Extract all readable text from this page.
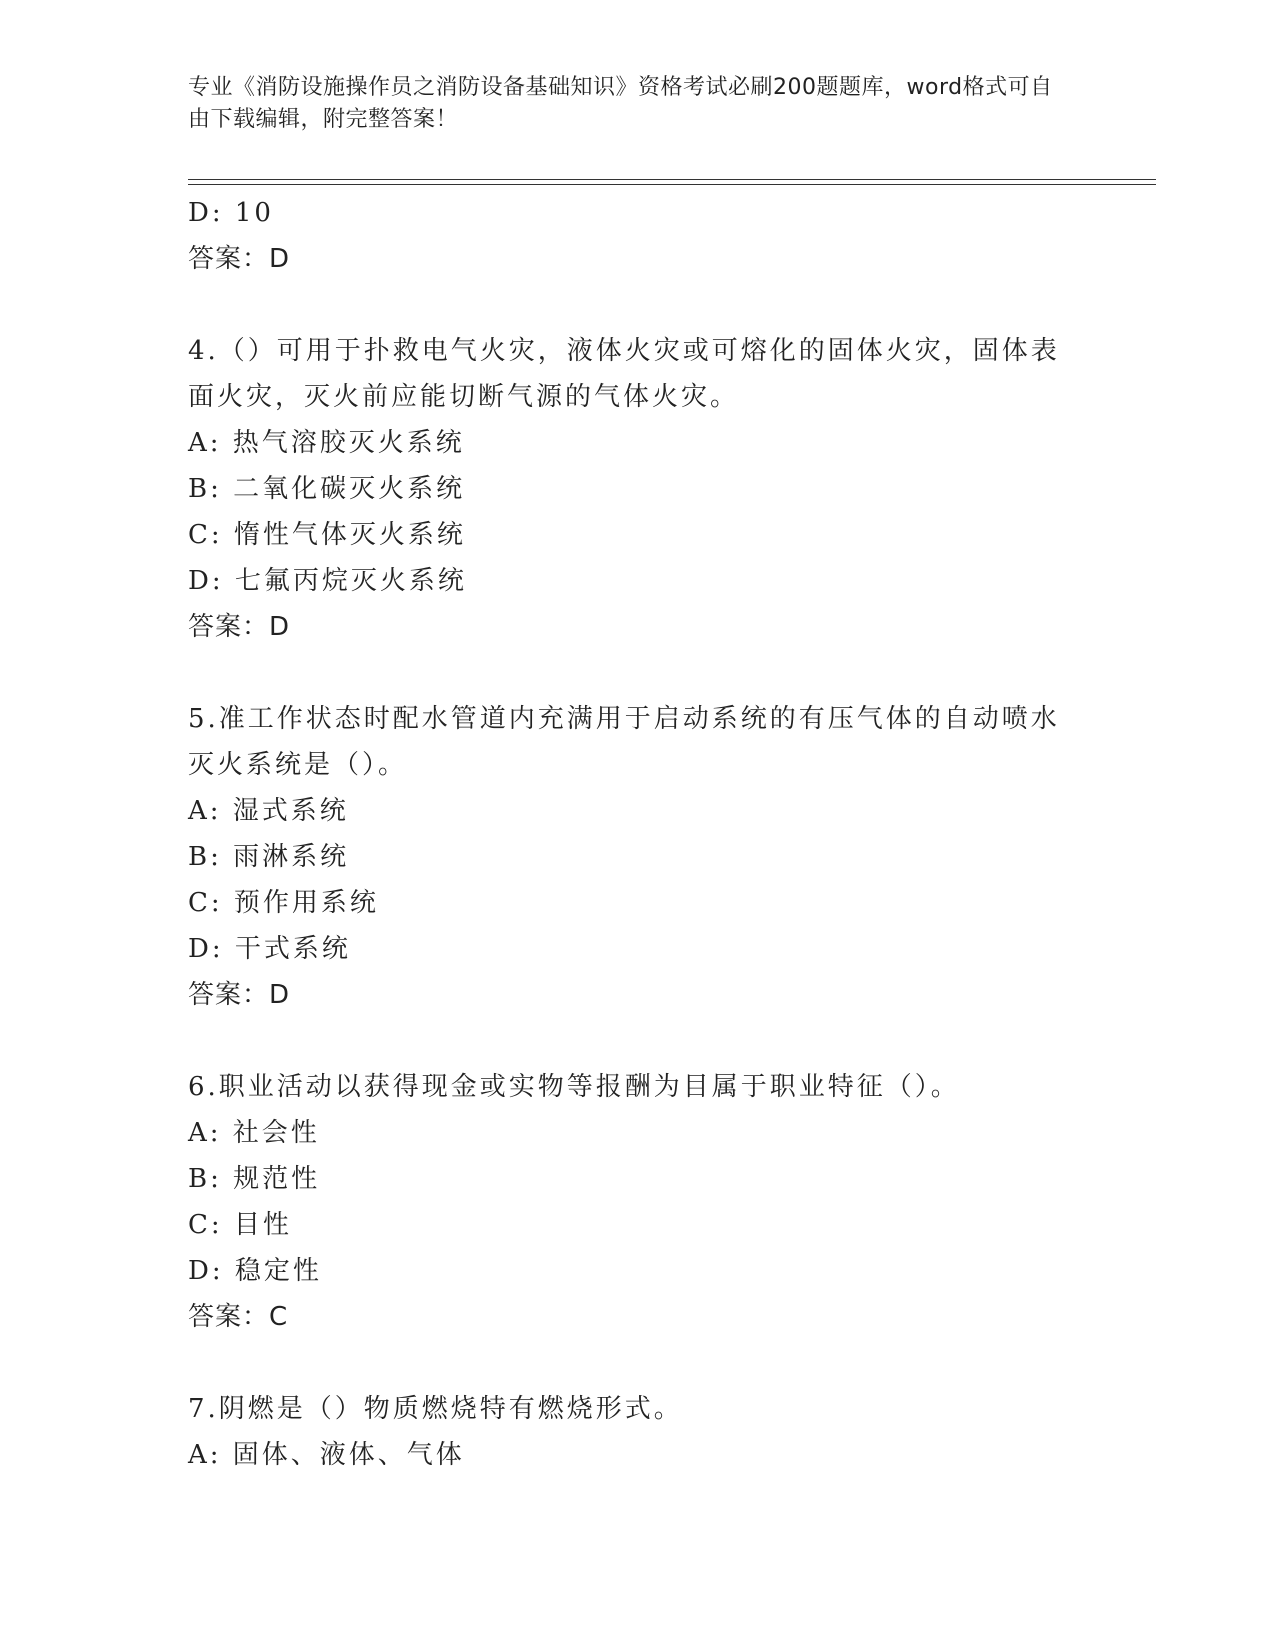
专业《消防设施操作员之消防设备基础知识》资格考试必刷200题题库，word格式可自由下载编辑，附完整答案！
D: 10
答案：D
4.（）可用于扑救电气火灾，液体火灾或可熔化的固体火灾，固体表面火灾，灭火前应能切断气源的气体火灾。
A: 热气溶胶灭火系统
B: 二氧化碳灭火系统
C: 惰性气体灭火系统
D: 七氟丙烷灭火系统
答案：D
5.准工作状态时配水管道内充满用于启动系统的有压气体的自动喷水灭火系统是（）。
A: 湿式系统
B: 雨淋系统
C: 预作用系统
D: 干式系统
答案：D
6.职业活动以获得现金或实物等报酬为目属于职业特征（）。
A: 社会性
B: 规范性
C: 目性
D: 稳定性
答案：C
7.阴燃是（）物质燃烧特有燃烧形式。
A: 固体、液体、气体
